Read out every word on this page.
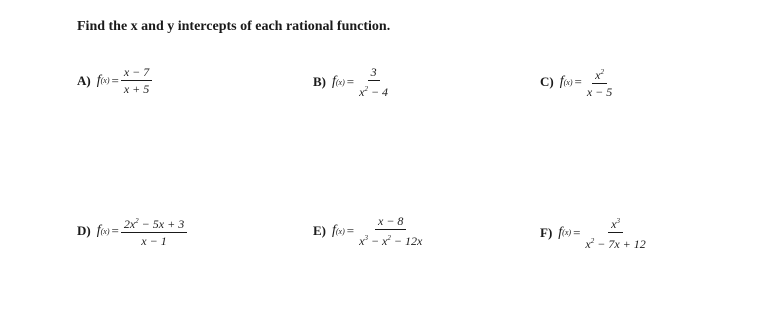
Find the x and y intercepts of each rational function.
A) f $(x) = \frac{x - 7}{x + 5}$	B) f $(x) = \frac{3}{x^2 - 4}$	C) f $(x) = \frac{x^2}{x - 5}$
D) f $(x) = \frac{2x^2 - 5x + 3}{x - 1}$	E) f $(x) = \frac{x - 8}{x^3 - x^2 - 12x}$	F) f $(x) = \frac{x^3}{x^2 - 7x + 12}$
